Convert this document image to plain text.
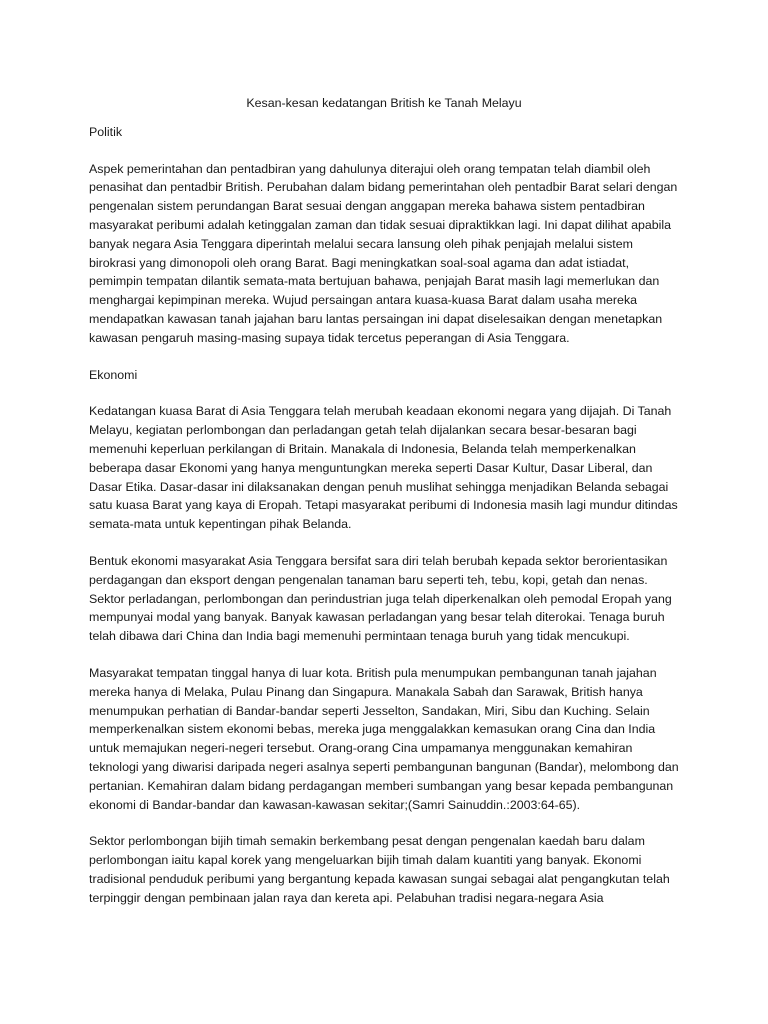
Kesan-kesan kedatangan British ke Tanah Melayu
Politik

Aspek pemerintahan dan pentadbiran yang dahulunya diterajui oleh orang tempatan telah diambil oleh penasihat dan pentadbir British. Perubahan dalam bidang pemerintahan oleh pentadbir Barat selari dengan pengenalan sistem perundangan Barat sesuai dengan anggapan mereka bahawa sistem pentadbiran masyarakat peribumi adalah ketinggalan zaman dan tidak sesuai dipraktikkan lagi. Ini dapat dilihat apabila banyak negara Asia Tenggara diperintah melalui secara lansung oleh pihak penjajah melalui sistem birokrasi yang dimonopoli oleh orang Barat. Bagi meningkatkan soal-soal agama dan adat istiadat, pemimpin tempatan dilantik semata-mata bertujuan bahawa, penjajah Barat masih lagi memerlukan dan menghargai kepimpinan mereka. Wujud persaingan antara kuasa-kuasa Barat dalam usaha mereka mendapatkan kawasan tanah jajahan baru lantas persaingan ini dapat diselesaikan dengan menetapkan kawasan pengaruh masing-masing supaya tidak tercetus peperangan di Asia Tenggara.

Ekonomi

Kedatangan kuasa Barat di Asia Tenggara telah merubah keadaan ekonomi negara yang dijajah. Di Tanah Melayu, kegiatan perlombongan dan perladangan getah telah dijalankan secara besar-besaran bagi memenuhi keperluan perkilangan di Britain. Manakala di Indonesia, Belanda telah memperkenalkan beberapa dasar Ekonomi yang hanya menguntungkan mereka seperti Dasar Kultur, Dasar Liberal, dan Dasar Etika. Dasar-dasar ini dilaksanakan dengan penuh muslihat sehingga menjadikan Belanda sebagai satu kuasa Barat yang kaya di Eropah. Tetapi masyarakat peribumi di Indonesia masih lagi mundur ditindas semata-mata untuk kepentingan pihak Belanda.

Bentuk ekonomi masyarakat Asia Tenggara bersifat sara diri telah berubah kepada sektor berorientasikan perdagangan dan eksport dengan pengenalan tanaman baru seperti teh, tebu, kopi, getah dan nenas. Sektor perladangan, perlombongan dan perindustrian juga telah diperkenalkan oleh pemodal Eropah yang mempunyai modal yang banyak. Banyak kawasan perladangan yang besar telah diterokai. Tenaga buruh telah dibawa dari China dan India bagi memenuhi permintaan tenaga buruh yang tidak mencukupi.

Masyarakat tempatan tinggal hanya di luar kota. British pula menumpukan pembangunan tanah jajahan mereka hanya di Melaka, Pulau Pinang dan Singapura. Manakala Sabah dan Sarawak, British hanya menumpukan perhatian di Bandar-bandar seperti Jesselton, Sandakan, Miri, Sibu dan Kuching. Selain memperkenalkan sistem ekonomi bebas, mereka juga menggalakkan kemasukan orang Cina dan India untuk memajukan negeri-negeri tersebut. Orang-orang Cina umpamanya menggunakan kemahiran teknologi yang diwarisi daripada negeri asalnya seperti pembangunan bangunan (Bandar), melombong dan pertanian. Kemahiran dalam bidang perdagangan memberi sumbangan yang besar kepada pembangunan ekonomi di Bandar-bandar dan kawasan-kawasan sekitar;(Samri Sainuddin.:2003:64-65).

Sektor perlombongan bijih timah semakin berkembang pesat dengan pengenalan kaedah baru dalam perlombongan iaitu kapal korek yang mengeluarkan bijih timah dalam kuantiti yang banyak. Ekonomi tradisional penduduk peribumi yang bergantung kepada kawasan sungai sebagai alat pengangkutan telah terpinggir dengan pembinaan jalan raya dan kereta api. Pelabuhan tradisi negara-negara Asia
